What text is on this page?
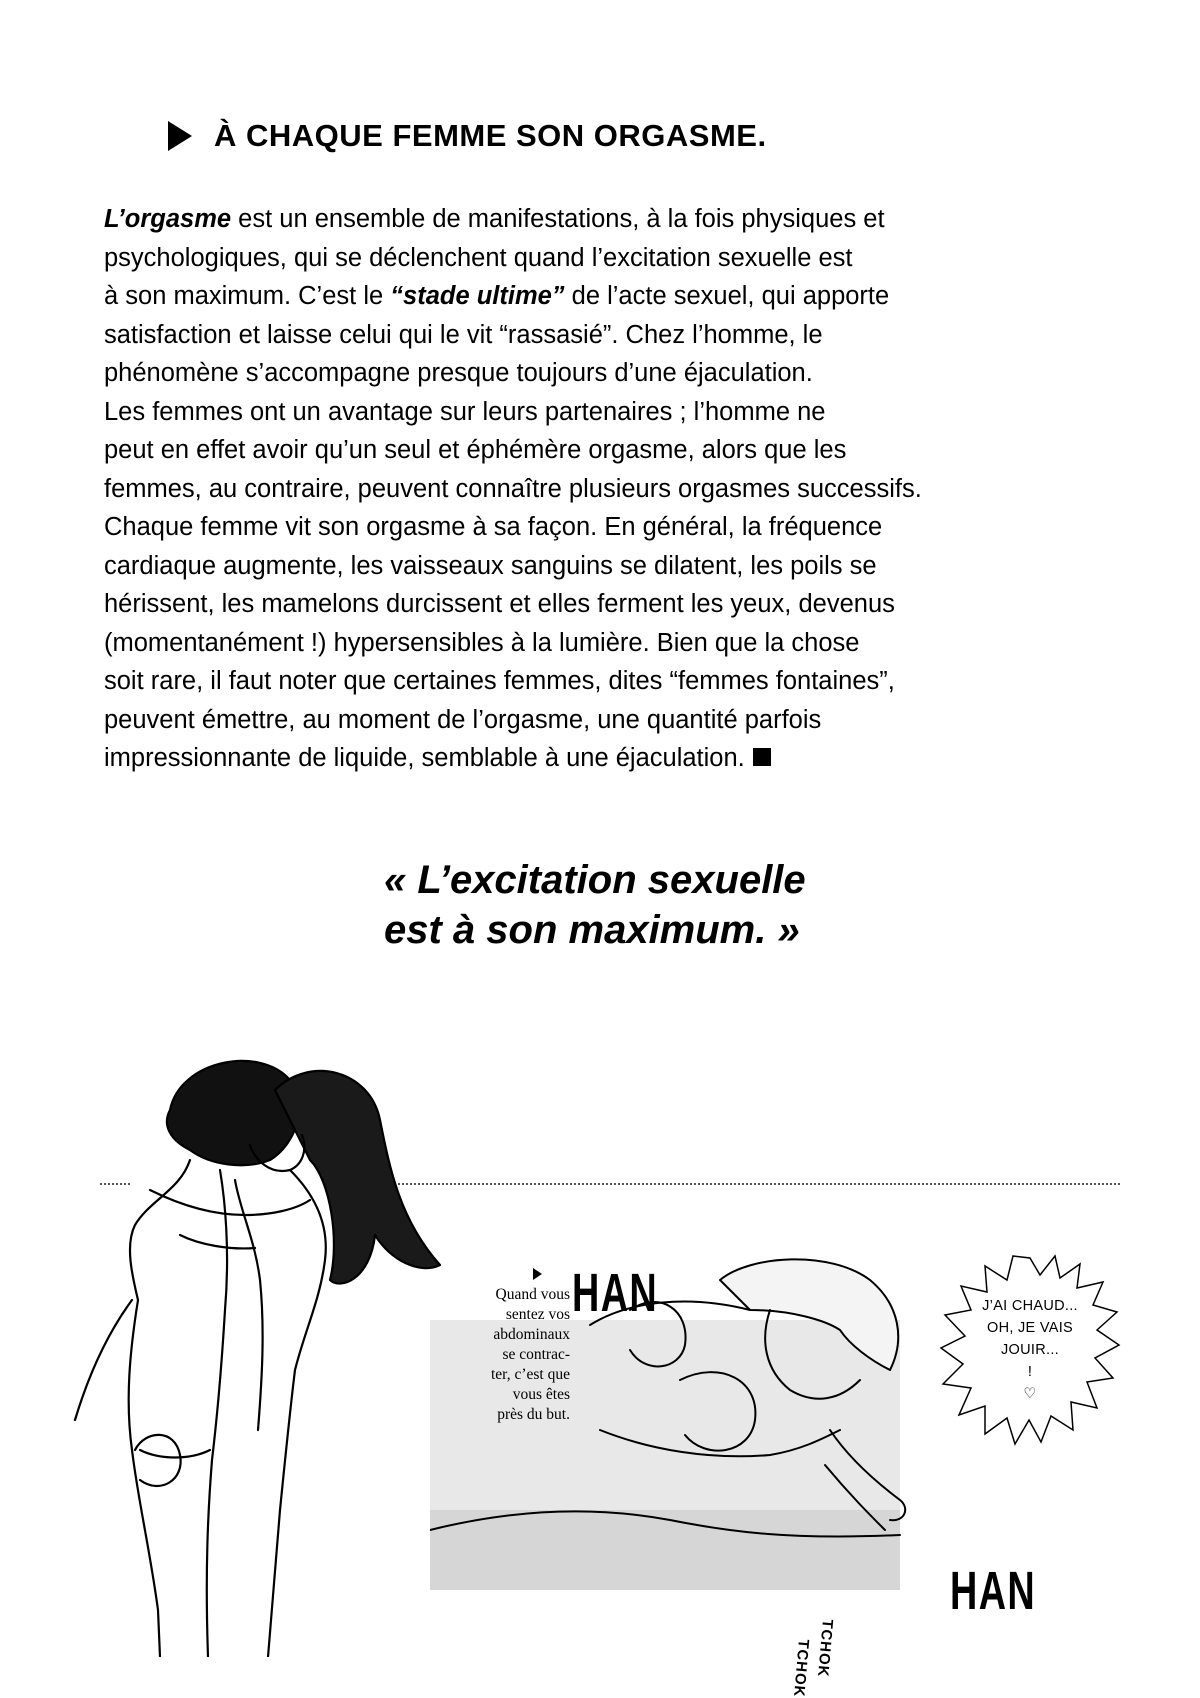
À CHAQUE FEMME SON ORGASME.
L’orgasme est un ensemble de manifestations, à la fois physiques et
psychologiques, qui se déclenchent quand l’excitation sexuelle est
à son maximum. C’est le “stade ultime” de l’acte sexuel, qui apporte
satisfaction et laisse celui qui le vit “rassasié”. Chez l’homme, le
phénomène s’accompagne presque toujours d’une éjaculation.
Les femmes ont un avantage sur leurs partenaires ; l’homme ne
peut en effet avoir qu’un seul et éphémère orgasme, alors que les
femmes, au contraire, peuvent connaître plusieurs orgasmes successifs.
Chaque femme vit son orgasme à sa façon. En général, la fréquence
cardiaque augmente, les vaisseaux sanguins se dilatent, les poils se
hérissent, les mamelons durcissent et elles ferment les yeux, devenus
(momentanément !) hypersensibles à la lumière. Bien que la chose
soit rare, il faut noter que certaines femmes, dites “femmes fontaines”,
peuvent émettre, au moment de l’orgasme, une quantité parfois
impressionnante de liquide, semblable à une éjaculation.
« L’excitation sexuelle
est à son maximum. »
Quand vous
sentez vos
abdominaux
se contrac-
ter, c’est que
vous êtes
près du but.
HAN
HAN
TCHOK
TCHOK
J’AI CHAUD...
OH, JE VAIS
JOUIR...
!
♡
